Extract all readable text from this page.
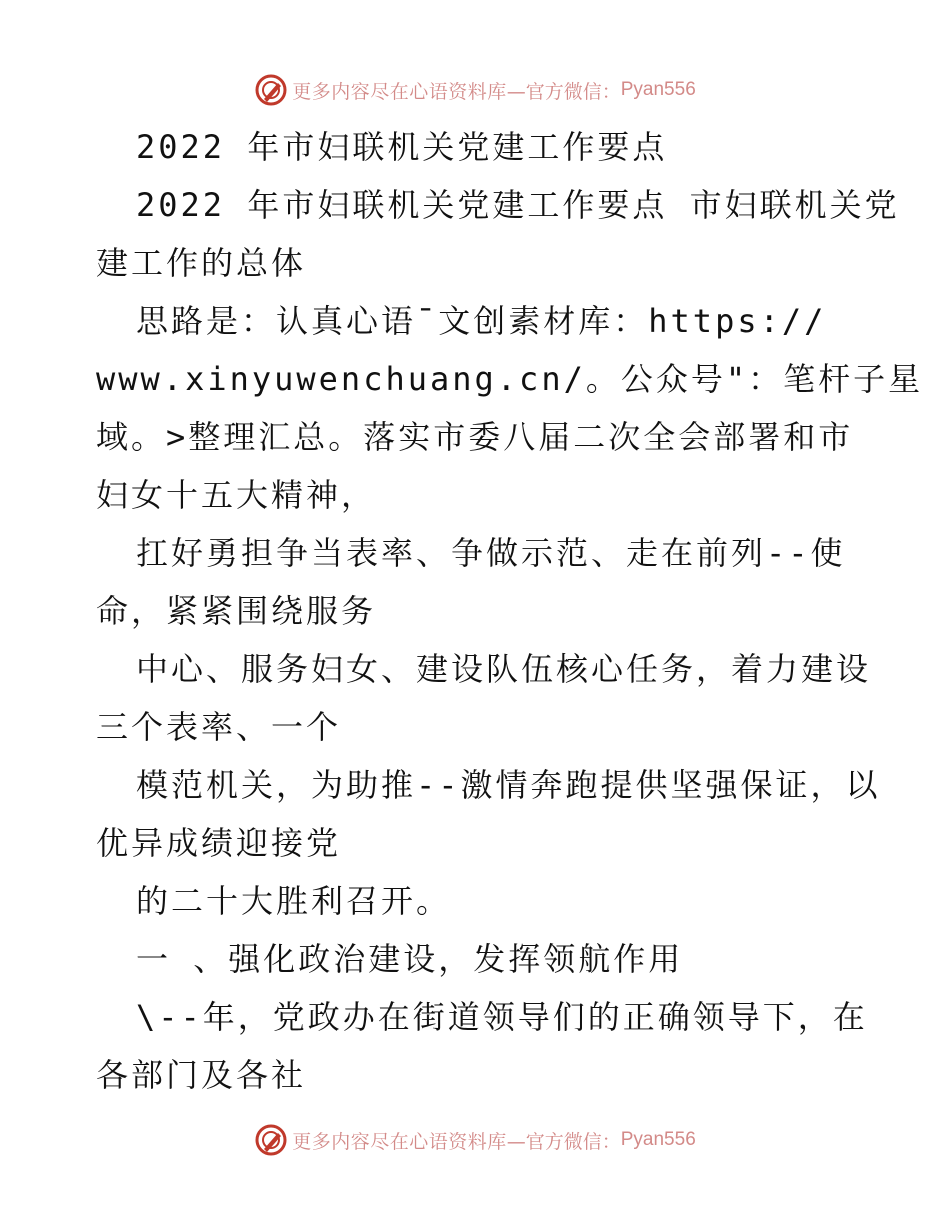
更多内容尽在心语资料库 —官方微信： Pyan556
2022 年市妇联机关党建工作要点
2022 年市妇联机关党建工作要点 市妇联机关党
建工作的总体
思路是：认真心语¯文创素材库：https://
www.xinyuwenchuang.cn/。公众号"：笔杆子星
域。>整理汇总。落实市委八届二次全会部署和市
妇女十五大精神，
扛好勇担争当表率、争做示范、走在前列--使
命，紧紧围绕服务
中心、服务妇女、建设队伍核心任务，着力建设
三个表率、一个
模范机关，为助推--激情奔跑提供坚强保证，以
优异成绩迎接党
的二十大胜利召开。
一 、强化政治建设，发挥领航作用
\--年，党政办在街道领导们的正确领导下，在
各部门及各社
更多内容尽在心语资料库 —官方微信： Pyan556
